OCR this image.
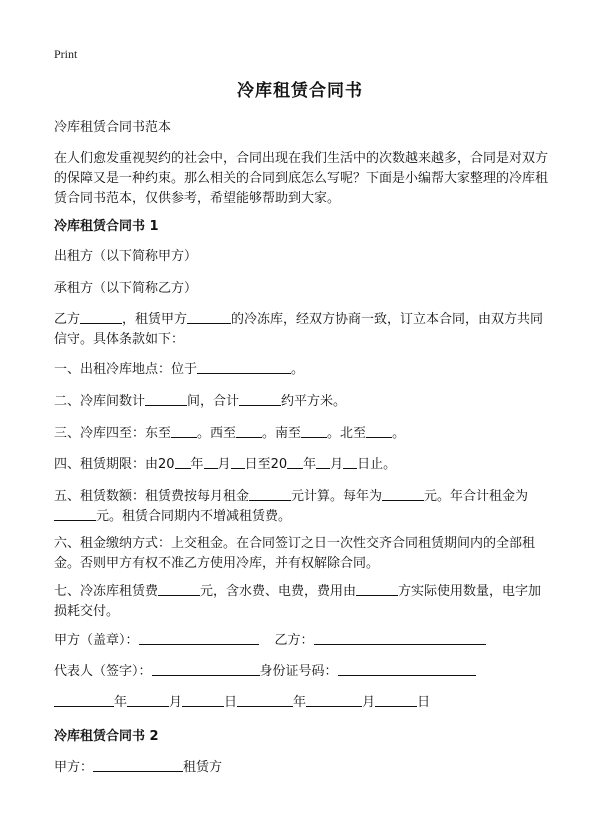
Print
冷库租赁合同书

冷库租赁合同书范本

在人们愈发重视契约的社会中，合同出现在我们生活中的次数越来越多，合同是对双方的保障又是一种约束。那么相关的合同到底怎么写呢？下面是小编帮大家整理的冷库租赁合同书范本，仅供参考，希望能够帮助到大家。

冷库租赁合同书 1

出租方（以下简称甲方）

承租方（以下简称乙方）

乙方	，租赁甲方	的冷冻库，经双方协商一致，订立本合同，由双方共同信守。具体条款如下：

一、出租冷库地点：位于	。

二、冷库间数计	间，合计	约平方米。

三、冷库四至：东至 。西至 。南至 。北至 。

四、租赁期限：由20 年 月 日至20 年 月 日止。

五、租赁数额：租赁费按每月租金	元计算。每年为	元。年合计租金为元。租赁合同期内不增减租赁费。

六、租金缴纳方式：上交租金。在合同签订之日一次性交齐合同租赁期间内的全部租金。否则甲方有权不准乙方使用冷库，并有权解除合同。

七、冷冻库租赁费	元，含水费、电费，费用由	方实际使用数量，电字加损耗交付。

甲方（盖章）：	乙方：

代表人（签字）：	身份证号码：

年	月	日	年	月	日

冷库租赁合同书 2

甲方：	租赁方
